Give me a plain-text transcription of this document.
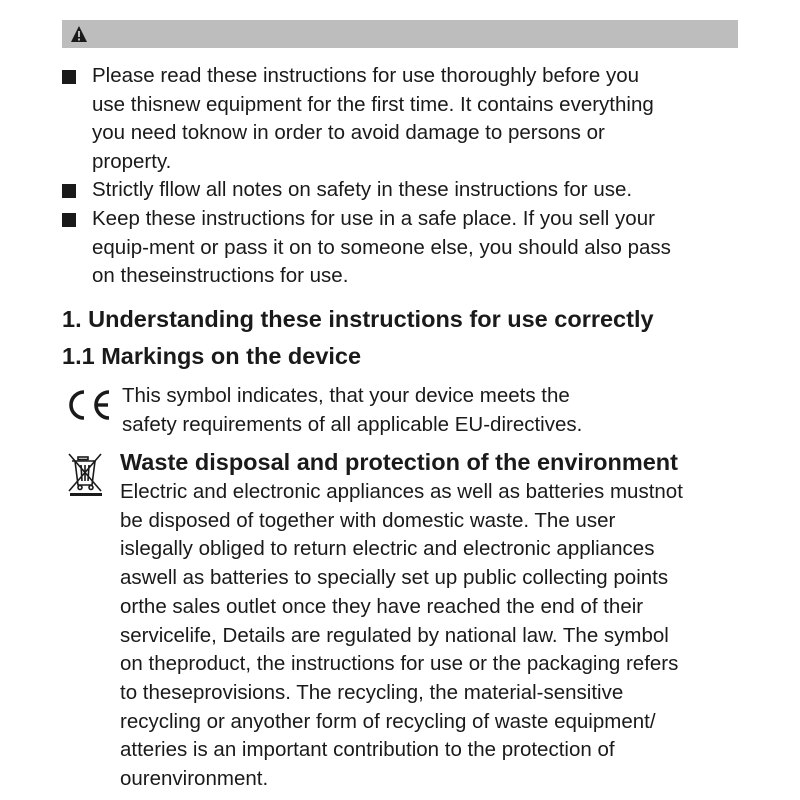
Please read these instructions for use thoroughly before you
use thisnew equipment for the first time. It contains everything
you need toknow in order to avoid damage to persons or
property.
Strictly fllow all notes on safety in these instructions for use.
Keep these instructions for use in a safe place. If you sell your
equip-ment or pass it on to someone else, you should also pass
on theseinstructions for use.
1. Understanding these instructions for use correctly
1.1 Markings on the device

This symbol indicates, that your device meets the
safety requirements of all applicable EU-directives.

Waste disposal and protection of the environment

Electric and electronic appliances as well as batteries mustnot
be disposed of together with domestic waste. The user
islegally obliged to return electric and electronic appliances
aswell as batteries to specially set up public collecting points
orthe sales outlet once they have reached the end of their
servicelife, Details are regulated by national law. The symbol
on theproduct, the instructions for use or the packaging refers
to theseprovisions. The recycling, the material-sensitive
recycling or anyother form of recycling of waste equipment/
atteries is an important contribution to the protection of
ourenvironment.
